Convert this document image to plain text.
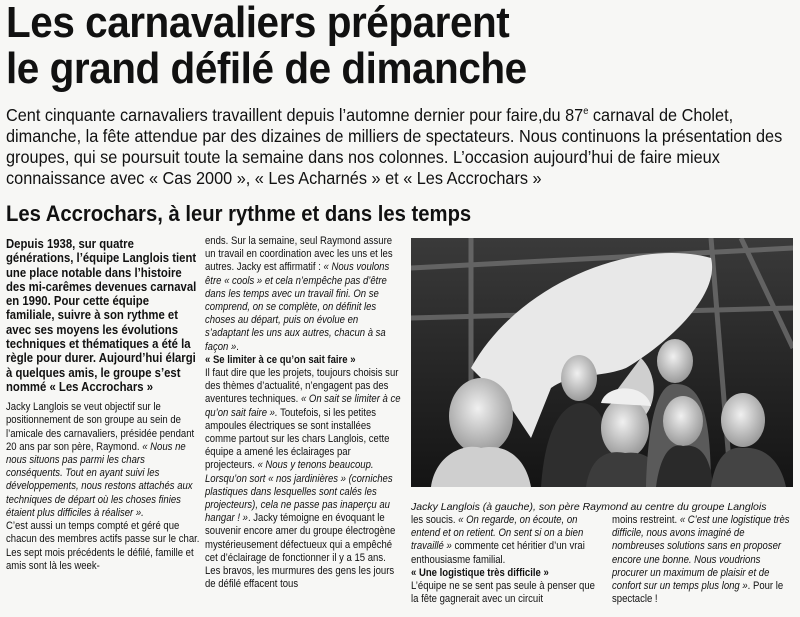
Les carnavaliers préparent
le grand défilé de dimanche

Cent cinquante carnavaliers travaillent depuis l’automne dernier pour faire,du 87e carnaval de Cholet, dimanche, la fête attendue par des dizaines de milliers de spectateurs. Nous continuons la présentation des groupes, qui se poursuit toute la semaine dans nos colonnes. L’occasion aujourd’hui de faire mieux connaissance avec « Cas 2000 », « Les Acharnés » et « Les Accrochars »

Les Accrochars, à leur rythme et dans les temps

Depuis 1938, sur quatre générations, l’équipe Langlois tient une place notable dans l’histoire des mi-carêmes devenues carnaval en 1990. Pour cette équipe familiale, suivre à son rythme et avec ses moyens les évolutions techniques et thématiques a été la règle pour durer. Aujourd’hui élargi à quelques amis, le groupe s’est nommé « Les Accrochars »

Jacky Langlois se veut objectif sur le positionnement de son groupe au sein de l’amicale des carnavaliers, présidée pendant 20 ans par son père, Raymond. « Nous ne nous situons pas parmi les chars conséquents. Tout en ayant suivi les développements, nous restons attachés aux techniques de départ où les choses finies étaient plus difficiles à réaliser ».

C’est aussi un temps compté et géré que chacun des membres actifs passe sur le char. Les sept mois précédents le défilé, famille et amis sont là les week-

ends. Sur la semaine, seul Raymond assure un travail en coordination avec les uns et les autres. Jacky est affirmatif : « Nous voulons être « cools » et cela n’empêche pas d’être dans les temps avec un travail fini. On se comprend, on se complète, on définit les choses au départ, puis on évolue en s’adaptant les uns aux autres, chacun à sa façon ».

« Se limiter à ce qu’on sait faire »

Il faut dire que les projets, toujours choisis sur des thèmes d’actualité, n’engagent pas des aventures techniques. « On sait se limiter à ce qu’on sait faire ». Toutefois, si les petites ampoules électriques se sont installées comme partout sur les chars Langlois, cette équipe a amené les éclairages par projecteurs. « Nous y tenons beaucoup. Lorsqu’on sort « nos jardinières » (corniches plastiques dans lesquelles sont calés les projecteurs), cela ne passe pas inaperçu au hangar ! ». Jacky témoigne en évoquant le souvenir encore amer du groupe électrogène mystérieusement défectueux qui a empêché cet d’éclairage de fonctionner il y a 15 ans. Les bravos, les murmures des gens les jours de défilé effacent tous

Jacky Langlois (à gauche), son père Raymond au centre du groupe Langlois

les soucis. « On regarde, on écoute, on entend et on retient. On sent si on a bien travaillé » commente cet héritier d’un vrai enthousiasme familial.

« Une logistique très difficile »

L’équipe ne se sent pas seule à penser que la fête gagnerait avec un circuit

moins restreint. « C’est une logistique très difficile, nous avons imaginé de nombreuses solutions sans en proposer encore une bonne. Nous voudrions procurer un maximum de plaisir et de confort sur un temps plus long ». Pour le spectacle !
